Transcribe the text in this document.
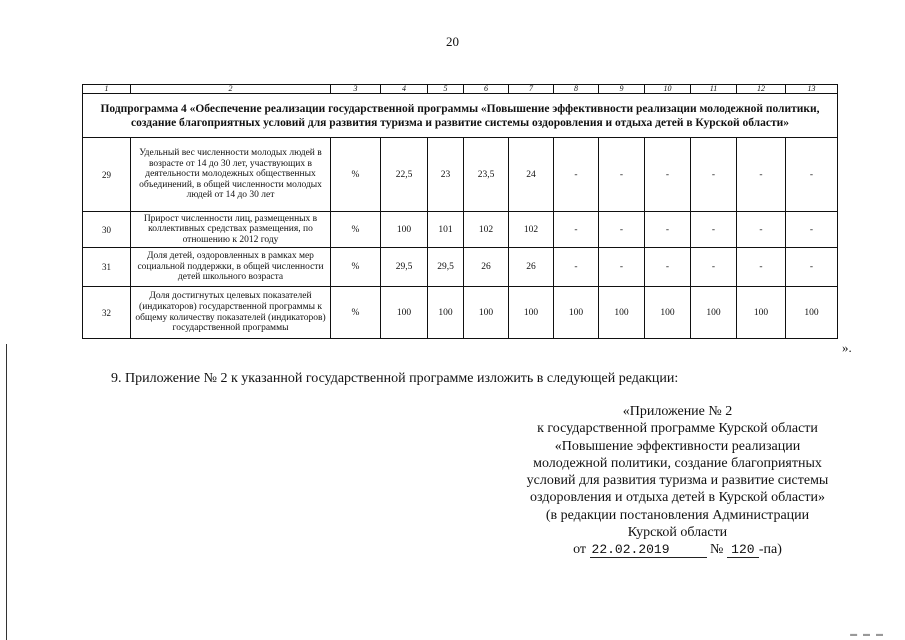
20
1	2	3	4	5	6	7	8	9	10	11	12	13
Подпрограмма 4 «Обеспечение реализации государственной программы «Повышение эффективности реализации молодежной политики, создание благоприятных условий для развития туризма и развитие системы оздоровления и отдыха детей в Курской области»												
29	Удельный вес численности молодых людей в возрасте от 14 до 30 лет, участвующих в деятельности молодежных общественных объединений, в общей численности молодых людей от 14 до 30 лет	%	22,5	23	23,5	24	-	-	-	-	-	-
30	Прирост численности лиц, размещенных в коллективных средствах размещения, по отношению к 2012 году	%	100	101	102	102	-	-	-	-	-	-
31	Доля детей, оздоровленных в рамках мер социальной поддержки, в общей численности детей школьного возраста	%	29,5	29,5	26	26	-	-	-	-	-	-
32	Доля достигнутых целевых показателей (индикаторов) государственной программы к общему количеству показателей (индикаторов) государственной программы	%	100	100	100	100	100	100	100	100	100	100
».
9. Приложение № 2 к указанной государственной программе изложить в следующей редакции:
«Приложение № 2
к государственной программе Курской области
«Повышение эффективности реализации
молодежной политики, создание благоприятных
условий для развития туризма и развитие системы
оздоровления и отдыха детей в Курской области»
(в редакции постановления Администрации
Курской области
от 22.02.2019	№ 120 -па)
▬ ▬ ▬
